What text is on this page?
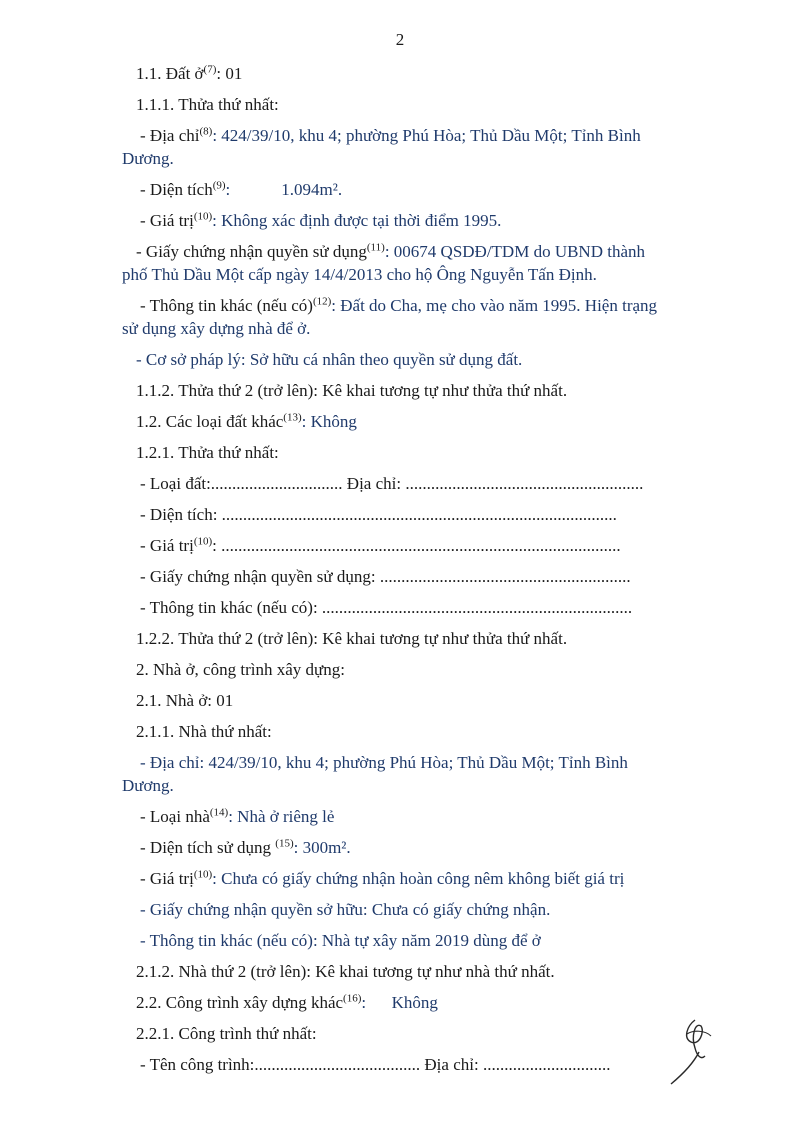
2

1.1. Đất ở$^{(7)}$: 01

1.1.1. Thửa thứ nhất:

- Địa chỉ$^{(8)}$: 424/39/10, khu 4; phường Phú Hòa; Thủ Dầu Một; Tỉnh Bình

Dương.

- Diện tích$^{(9)}$:            1.094m².

- Giá trị$^{(10)}$: Không xác định được tại thời điểm 1995.

- Giấy chứng nhận quyền sử dụng$^{(11)}$: 00674 QSDĐ/TDM do UBND thành

phố Thủ Dầu Một cấp ngày 14/4/2013 cho hộ Ông Nguyễn Tấn Định.

- Thông tin khác (nếu có)$^{(12)}$: Đất do Cha, mẹ cho vào năm 1995. Hiện trạng

sử dụng xây dựng nhà để ở.

- Cơ sở pháp lý: Sở hữu cá nhân theo quyền sử dụng đất.

1.1.2. Thửa thứ 2 (trở lên): Kê khai tương tự như thửa thứ nhất.

1.2. Các loại đất khác$^{(13)}$: Không

1.2.1. Thửa thứ nhất:

- Loại đất:............................... Địa chỉ: ........................................................

- Diện tích: .............................................................................................

- Giá trị$^{(10)}$: ..............................................................................................

- Giấy chứng nhận quyền sử dụng: ...........................................................

- Thông tin khác (nếu có): .........................................................................

1.2.2. Thửa thứ 2 (trở lên): Kê khai tương tự như thửa thứ nhất.

2. Nhà ở, công trình xây dựng:

2.1. Nhà ở: 01

2.1.1. Nhà thứ nhất:

- Địa chỉ: 424/39/10, khu 4; phường Phú Hòa; Thủ Dầu Một; Tỉnh Bình

Dương.

- Loại nhà$^{(14)}$: Nhà ở riêng lẻ

- Diện tích sử dụng $^{(15)}$: 300m².

- Giá trị$^{(10)}$: Chưa có giấy chứng nhận hoàn công nêm không biết giá trị

- Giấy chứng nhận quyền sở hữu: Chưa có giấy chứng nhận.

- Thông tin khác (nếu có): Nhà tự xây năm 2019 dùng để ở

2.1.2. Nhà thứ 2 (trở lên): Kê khai tương tự như nhà thứ nhất.

2.2. Công trình xây dựng khác$^{(16)}$:      Không

2.2.1. Công trình thứ nhất:

- Tên công trình:....................................... Địa chỉ: ..............................
